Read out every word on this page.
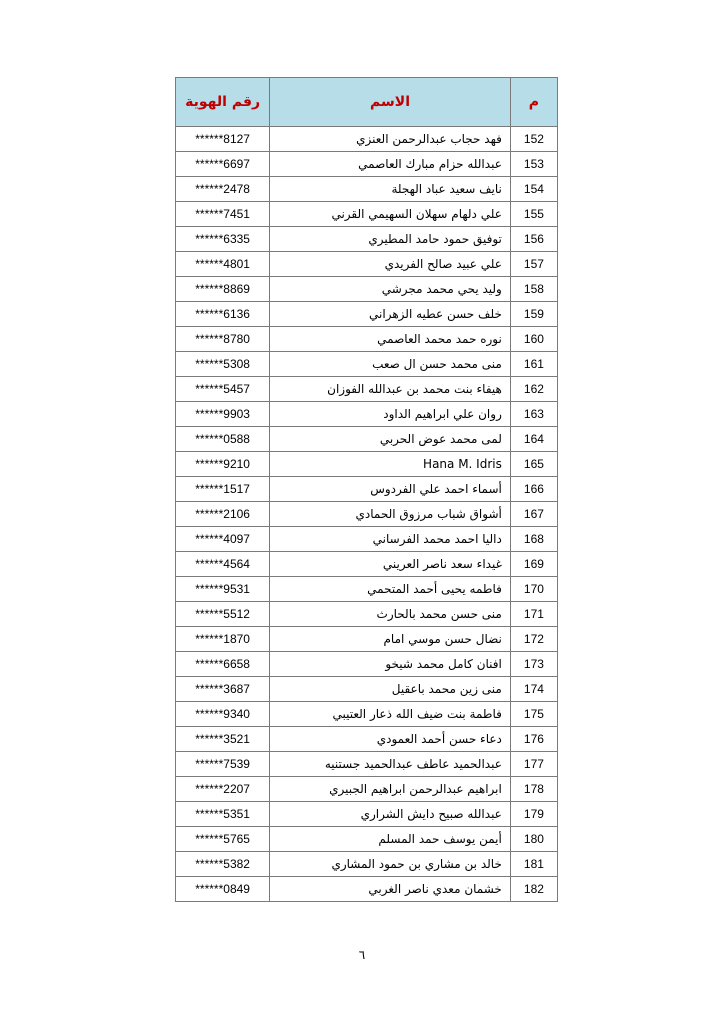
رقم الهوية	الاسم	م
******8127	فهد حجاب عبدالرحمن العنزي	152
******6697	عبدالله حزام مبارك العاصمي	153
******2478	نايف سعيد عباد الهجلة	154
******7451	علي دلهام سهلان السهيمي القرني	155
******6335	توفيق حمود حامد المطيري	156
******4801	علي عبيد صالح الفريدي	157
******8869	وليد يحي محمد مجرشي	158
******6136	خلف حسن عطيه الزهراني	159
******8780	نوره حمد محمد العاصمي	160
******5308	منى محمد حسن ال صعب	161
******5457	هيفاء بنت محمد بن عبدالله الفوزان	162
******9903	روان علي ابراهيم الداود	163
******0588	لمى محمد عوض الحربي	164
******9210	Hana M. Idris	165
******1517	أسماء احمد علي الفردوس	166
******2106	أشواق شباب مرزوق الحمادي	167
******4097	داليا احمد محمد الفرساني	168
******4564	غيداء سعد ناصر العريني	169
******9531	فاطمه يحيى أحمد المتحمي	170
******5512	منى حسن محمد بالحارث	171
******1870	نضال حسن موسي امام	172
******6658	افنان كامل محمد شيخو	173
******3687	منى زين محمد باعقيل	174
******9340	فاطمة بنت ضيف الله ذعار العتيبي	175
******3521	دعاء حسن أحمد العمودي	176
******7539	عبدالحميد عاطف عبدالحميد جستنيه	177
******2207	ابراهيم عبدالرحمن ابراهيم الجبيري	178
******5351	عبدالله صبيح دايش الشراري	179
******5765	أيمن يوسف حمد المسلم	180
******5382	خالد بن مشاري بن حمود المشاري	181
******0849	خشمان معدي ناصر الغربي	182
٦
